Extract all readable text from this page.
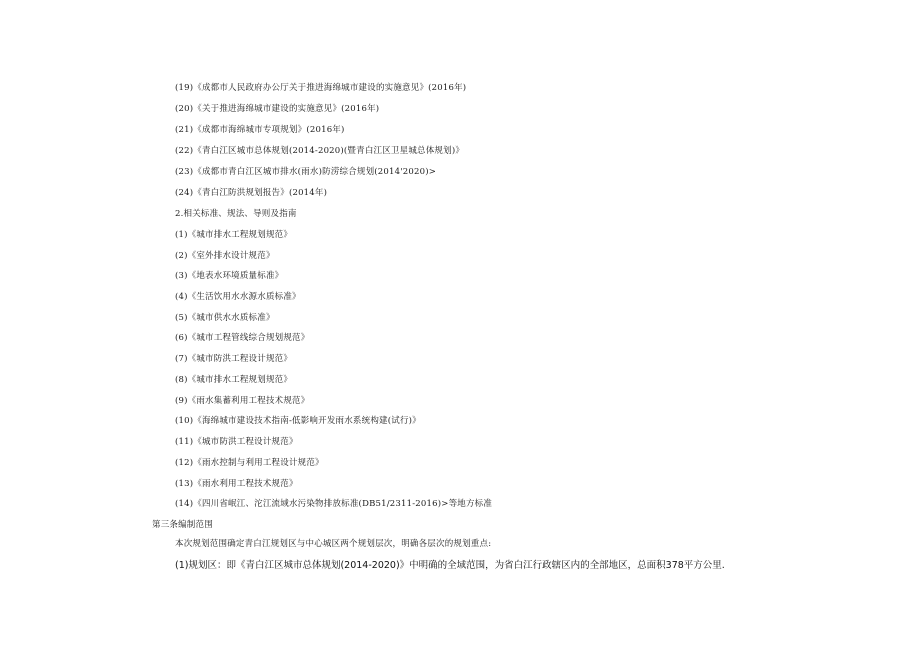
(19)《成都市人民政府办公厅关于推进海绵城市建设的实施意见》(2016年)
(20)《关于推进海绵城市建设的实施意见》(2016年)
(21)《成都市海绵城市专项规划》(2016年)
(22)《青白江区城市总体规划(2014-2020)(暨青白江区卫星城总体规划)》
(23)《成都市青白江区城市排水(雨水)防涝综合规划(2014'2020)>
(24)《青白江防洪规划报告》(2014年)
2.相关标准、规法、导则及指南
(1)《城市排水工程规划规范》
(2)《室外排水设计规范》
(3)《地表水环境质量标准》
(4)《生活饮用水水源水质标准》
(5)《城市供水水质标准》
(6)《城市工程管线综合规划规范》
(7)《城市防洪工程设计规范》
(8)《城市排水工程规划规范》
(9)《雨水集蓄利用工程技术规范》
(10)《海绵城市建设技术指南-低影响开发雨水系统构建(试行)》
(11)《城市防洪工程设计规范》
(12)《雨水控制与利用工程设计规范》
(13)《雨水利用工程技术规范》
(14)《四川省岷江、沱江流域水污染物排放标准(DB51/2311-2016)>等地方标准
第三条编制范围
本次规划范围确定青白江规划区与中心城区两个规划层次，明确各层次的规划重点:
(1)规划区：即《青白江区城市总体规划(2014-2020)》中明确的全域范围，为省白江行政辖区内的全部地区，总面积378平方公里.
